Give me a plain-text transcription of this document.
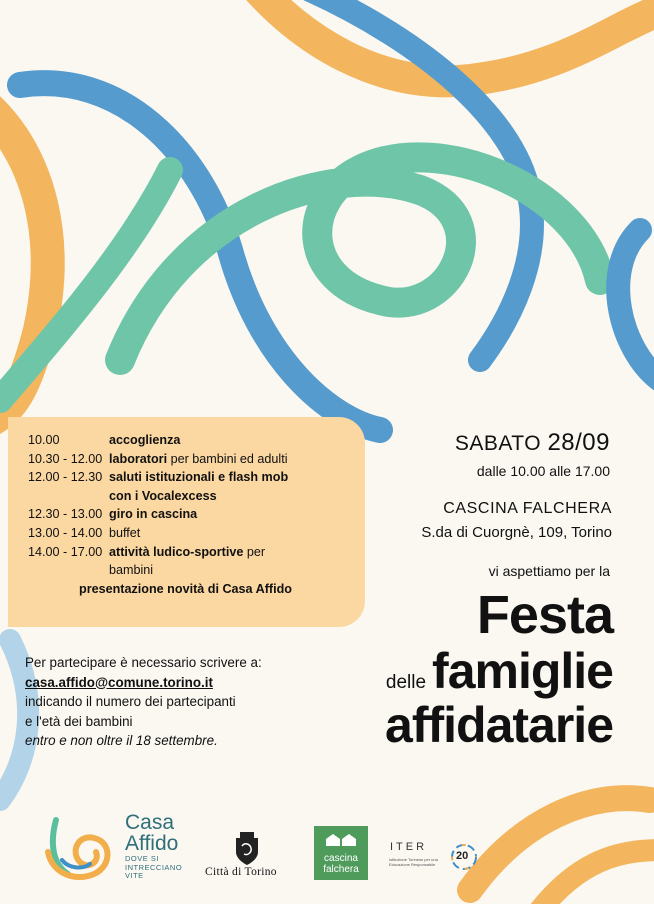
10.00	accoglienza
10.30 - 12.00 laboratori per bambini ed adulti
12.00 - 12.30 saluti istituzionali e flash mob
con i Vocalexcess
12.30 - 13.00 giro in cascina
13.00 - 14.00 buffet
14.00 - 17.00 attività ludico-sportive per
bambini
presentazione novità di Casa Affido
SABATO 28/09
dalle 10.00 alle 17.00
CASCINA FALCHERA
S.da di Cuorgnè, 109, Torino
vi aspettiamo per la
Festa
delle famiglie
affidatarie
Per partecipare è necessario scrivere a:
casa.affido@comune.torino.it
indicando il numero dei partecipanti
e l'età dei bambini
entro e non oltre il 18 settembre.
Casa
Affido
DOVE SI
INTRECCIANO
VITE	Città di Torino
cascina
falchera
ITER
Istituzione Torinese per una Educazione Responsabile
20
